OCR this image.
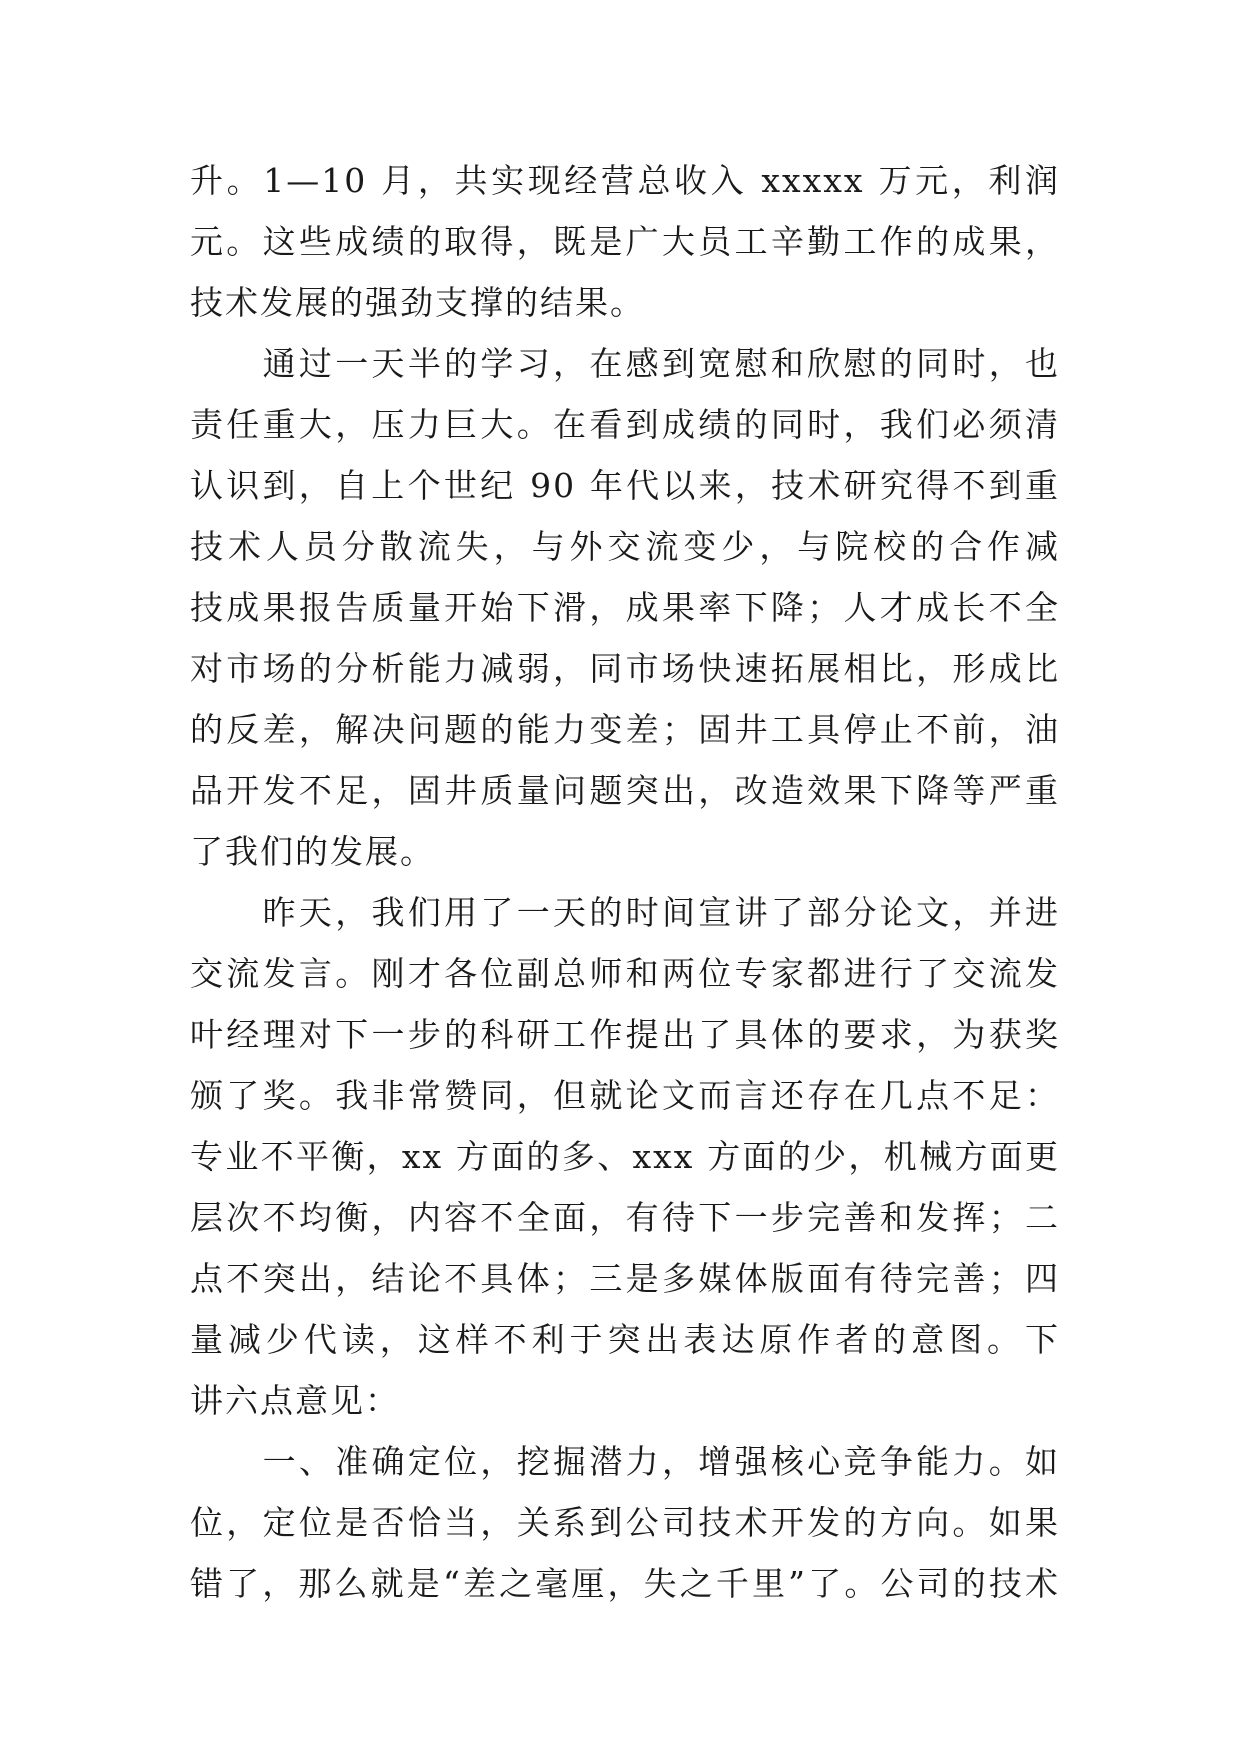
升。1—10 月，共实现经营总收入 xxxxx 万元，利润
元。这些成绩的取得，既是广大员工辛勤工作的成果，
技术发展的强劲支撑的结果。
　　通过一天半的学习，在感到宽慰和欣慰的同时，也
责任重大，压力巨大。在看到成绩的同时，我们必须清
认识到，自上个世纪 90 年代以来，技术研究得不到重
技术人员分散流失，与外交流变少，与院校的合作减
技成果报告质量开始下滑，成果率下降；人才成长不全
对市场的分析能力减弱，同市场快速拓展相比，形成比
的反差，解决问题的能力变差；固井工具停止不前，油
品开发不足，固井质量问题突出，改造效果下降等严重
了我们的发展。
　　昨天，我们用了一天的时间宣讲了部分论文，并进
交流发言。刚才各位副总师和两位专家都进行了交流发
叶经理对下一步的科研工作提出了具体的要求，为获奖
颁了奖。我非常赞同，但就论文而言还存在几点不足：
专业不平衡，xx 方面的多、xxx 方面的少，机械方面更
层次不均衡，内容不全面，有待下一步完善和发挥；二
点不突出，结论不具体；三是多媒体版面有待完善；四
量减少代读，这样不利于突出表达原作者的意图。下
讲六点意见：
　　一、准确定位，挖掘潜力，增强核心竞争能力。如
位，定位是否恰当，关系到公司技术开发的方向。如果
错了，那么就是“差之毫厘，失之千里”了。公司的技术
